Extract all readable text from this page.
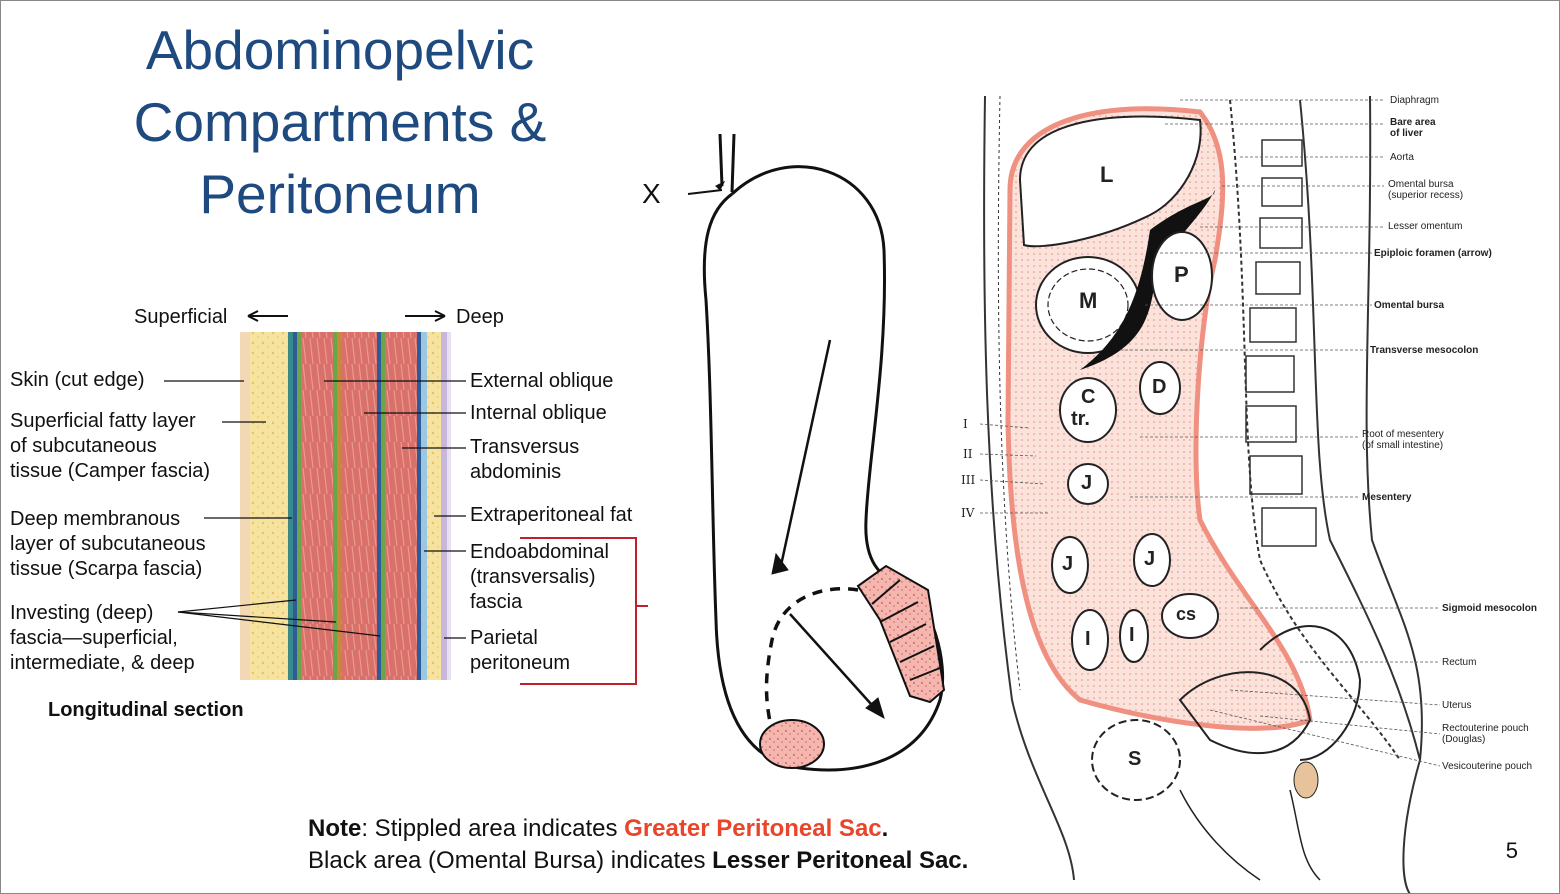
Abdominopelvic
Compartments &
Peritoneum
Superficial	Deep
Skin (cut edge)
Superficial fatty layer
of subcutaneous
tissue (Camper fascia)
Deep membranous
layer of subcutaneous
tissue (Scarpa fascia)
Investing (deep)
fascia—superficial,
intermediate, & deep
External oblique
Internal oblique
Transversus
abdominis
Extraperitoneal fat
Endoabdominal
(transversalis)
fascia
Parietal
peritoneum
Longitudinal section
X
L
M
P
C
tr.
D
J
J	J
I I
cs
S
I
II
III
IV
Diaphragm
Bare area
of liver
Aorta
Omental bursa
(superior recess)
Lesser omentum
Epiploic foramen (arrow)
Omental bursa
Transverse mesocolon
Root of mesentery
(of small intestine)
Mesentery
Sigmoid mesocolon
Rectum
Uterus
Rectouterine pouch
(Douglas)
Vesicouterine pouch
Note: Stippled area indicates Greater Peritoneal Sac.
Black area (Omental Bursa) indicates Lesser Peritoneal Sac.	5
